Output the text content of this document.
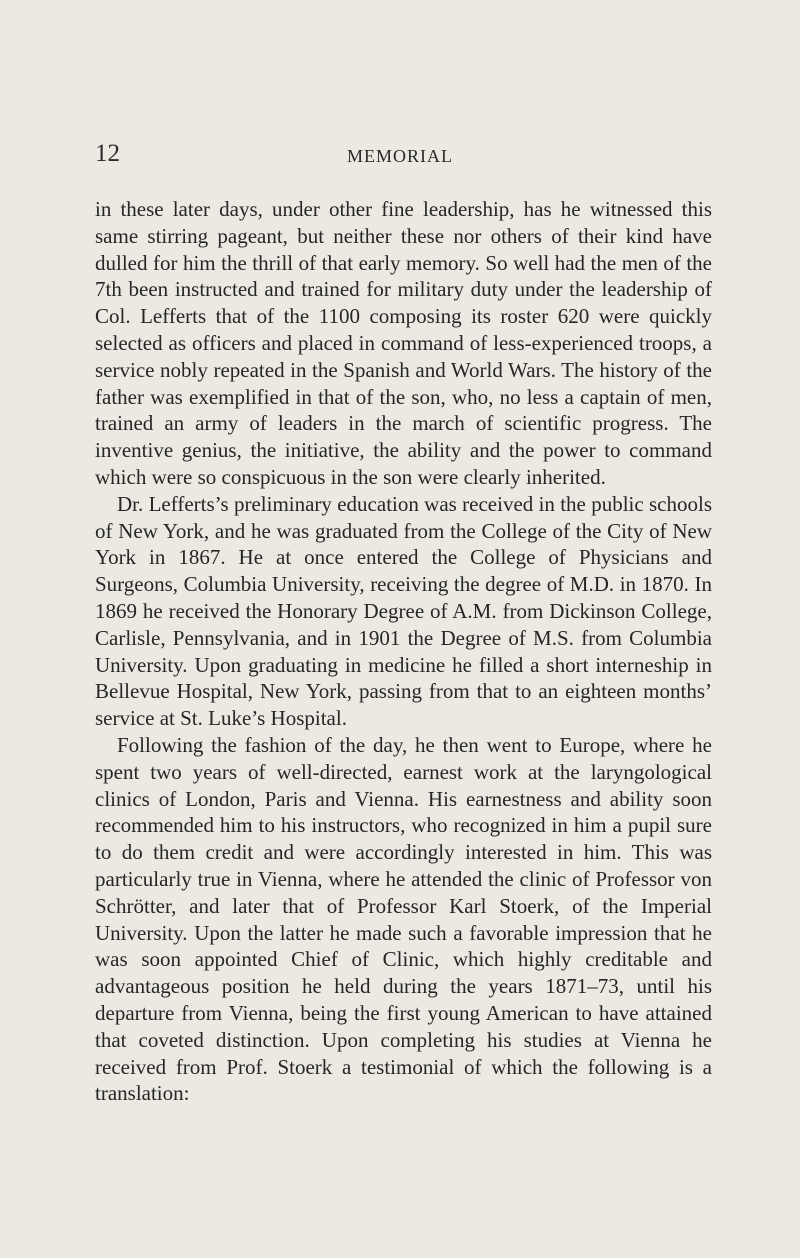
12	MEMORIAL

in these later days, under other fine leadership, has he witnessed this same stirring pageant, but neither these nor others of their kind have dulled for him the thrill of that early memory. So well had the men of the 7th been instructed and trained for military duty under the leadership of Col. Lefferts that of the 1100 composing its roster 620 were quickly selected as officers and placed in command of less-experienced troops, a service nobly repeated in the Spanish and World Wars. The history of the father was exemplified in that of the son, who, no less a captain of men, trained an army of leaders in the march of scientific progress. The inventive genius, the initiative, the ability and the power to command which were so conspicuous in the son were clearly inherited.

Dr. Lefferts’s preliminary education was received in the public schools of New York, and he was graduated from the College of the City of New York in 1867. He at once entered the College of Physicians and Surgeons, Columbia University, receiving the degree of M.D. in 1870. In 1869 he received the Honorary Degree of A.M. from Dickinson College, Carlisle, Pennsylvania, and in 1901 the Degree of M.S. from Columbia University. Upon graduating in medicine he filled a short interneship in Bellevue Hospital, New York, passing from that to an eighteen months’ service at St. Luke’s Hospital.

Following the fashion of the day, he then went to Europe, where he spent two years of well-directed, earnest work at the laryngological clinics of London, Paris and Vienna. His earnestness and ability soon recommended him to his instructors, who recognized in him a pupil sure to do them credit and were accordingly interested in him. This was particularly true in Vienna, where he attended the clinic of Professor von Schrötter, and later that of Professor Karl Stoerk, of the Imperial University. Upon the latter he made such a favorable impression that he was soon appointed Chief of Clinic, which highly creditable and advantageous position he held during the years 1871–73, until his departure from Vienna, being the first young American to have attained that coveted distinction. Upon completing his studies at Vienna he received from Prof. Stoerk a testimonial of which the following is a translation:
